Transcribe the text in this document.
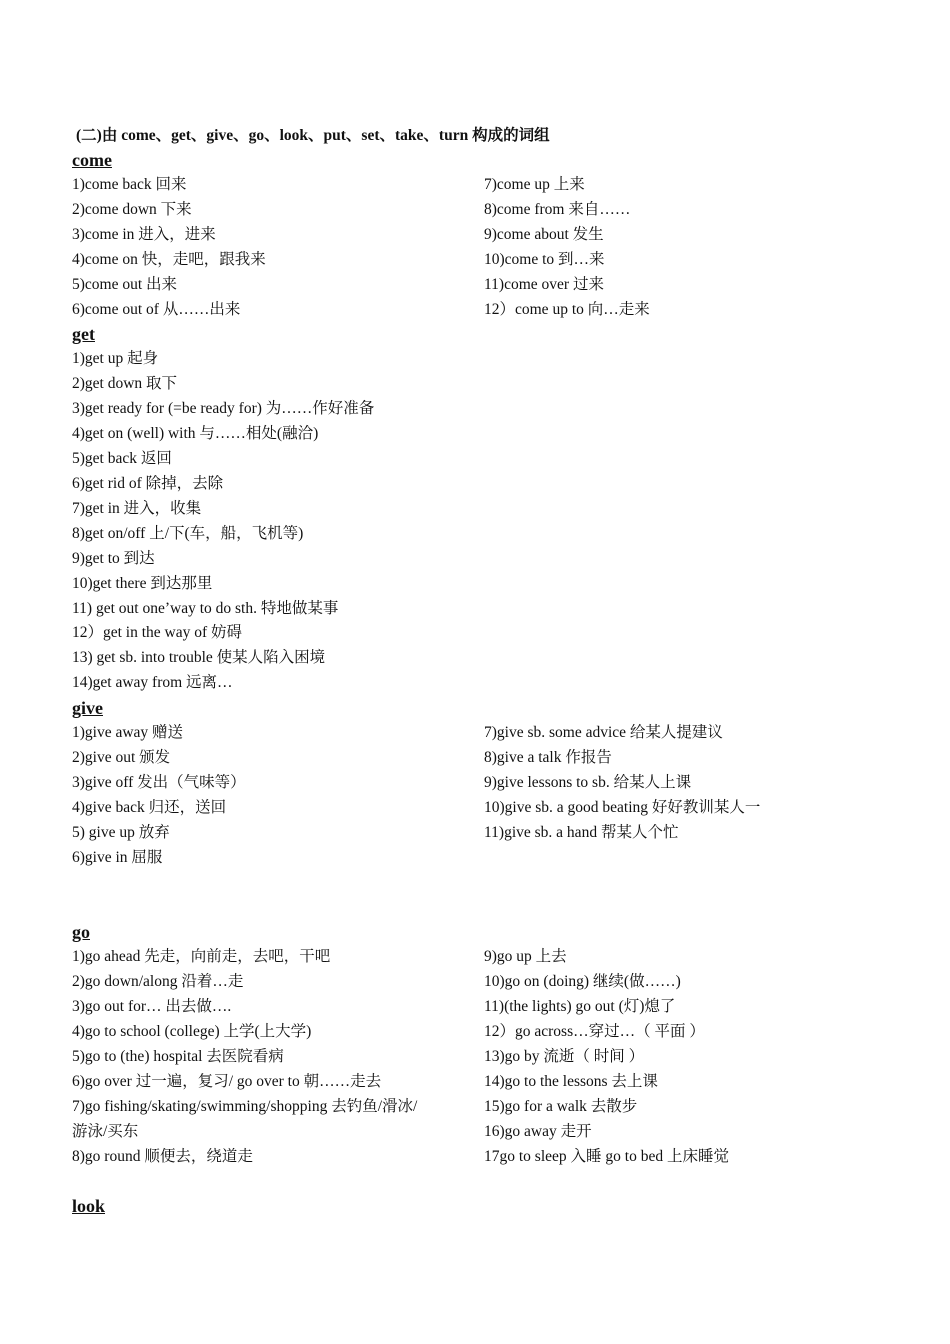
(二)由 come、get、give、go、look、put、set、take、turn 构成的词组
come
1)come back 回来	7)come up 上来
2)come down 下来	8)come from 来自……
3)come in 进入，进来	9)come about 发生
4)come on 快，走吧，跟我来	10)come to 到…来
5)come out 出来	11)come over 过来
6)come out of 从……出来	12）come up to 向…走来
get
1)get up 起身
2)get down 取下
3)get ready for (=be ready for) 为……作好准备
4)get on (well) with 与……相处(融洽)
5)get back 返回
6)get rid of 除掉，去除
7)get in 进入，收集
8)get on/off 上/下(车，船，飞机等)
9)get to 到达
10)get there 到达那里
11) get out one’way to do sth. 特地做某事
12）get in the way of 妨碍
13) get sb. into trouble 使某人陷入困境
14)get away from 远离…
give
1)give away 赠送	7)give sb. some advice 给某人提建议
2)give out 颁发	8)give a talk 作报告
3)give off 发出（气味等）	9)give lessons to sb. 给某人上课
4)give back 归还，送回	10)give sb. a good beating 好好教训某人一
5) give up 放弃	11)give sb. a hand 帮某人个忙
6)give in 屈服
go
1)go ahead 先走，向前走，去吧，干吧	9)go up 上去
2)go down/along 沿着…走	10)go on (doing) 继续(做……)
3)go out for… 出去做….	11)(the lights) go out (灯)熄了
4)go to school (college) 上学(上大学)	12）go across…穿过…（ 平面 ）
5)go to (the) hospital 去医院看病	13)go by 流逝（ 时间 ）
6)go over 过一遍，复习/ go over to 朝……走去	14)go to the lessons 去上课
7)go fishing/skating/swimming/shopping 去钓鱼/滑冰/	15)go for a walk 去散步
游泳/买东	16)go away 走开
8)go round 顺便去，绕道走	17go to sleep 入睡 go to bed 上床睡觉
look
